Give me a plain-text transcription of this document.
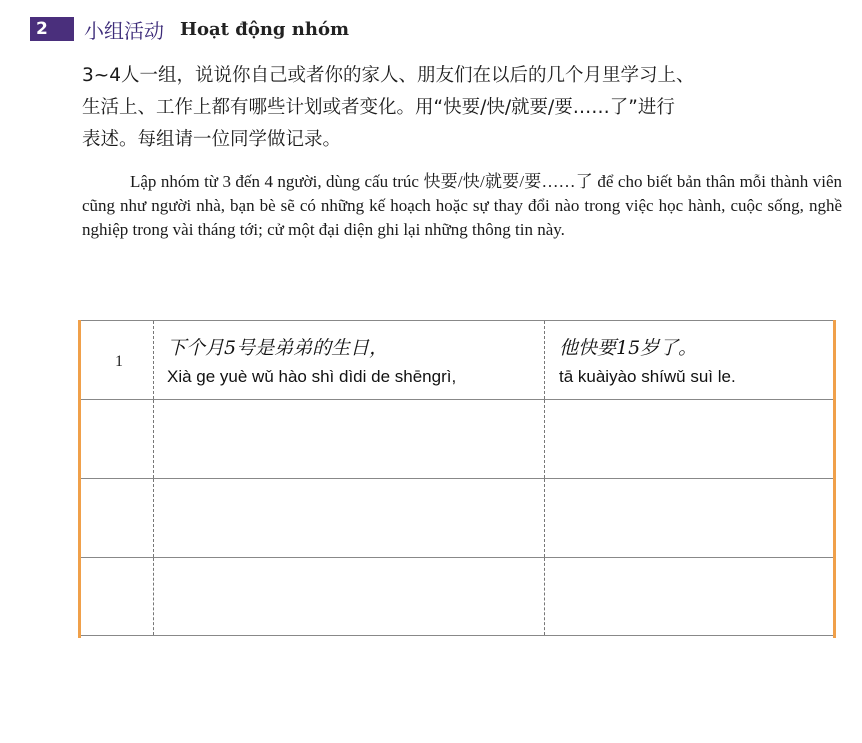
2	小组活动 Hoạt động nhóm
3~4人一组，说说你自己或者你的家人、朋友们在以后的几个月里学习上、
生活上、工作上都有哪些计划或者变化。用“快要/快/就要/要……了”进行
表述。每组请一位同学做记录。
Lập nhóm từ 3 đến 4 người, dùng cấu trúc 快要/快/就要/要……了 để cho biết bản thân mỗi thành viên cũng như người nhà, bạn bè sẽ có những kế hoạch hoặc sự thay đổi nào trong việc học hành, cuộc sống, nghề nghiệp trong vài tháng tới; cử một đại diện ghi lại những thông tin này.
1
下个月5号是弟弟的生日，
Xià ge yuè wǔ hào shì dìdi de shēngrì,
他快要15岁了。
tā kuàiyào shíwǔ suì le.
